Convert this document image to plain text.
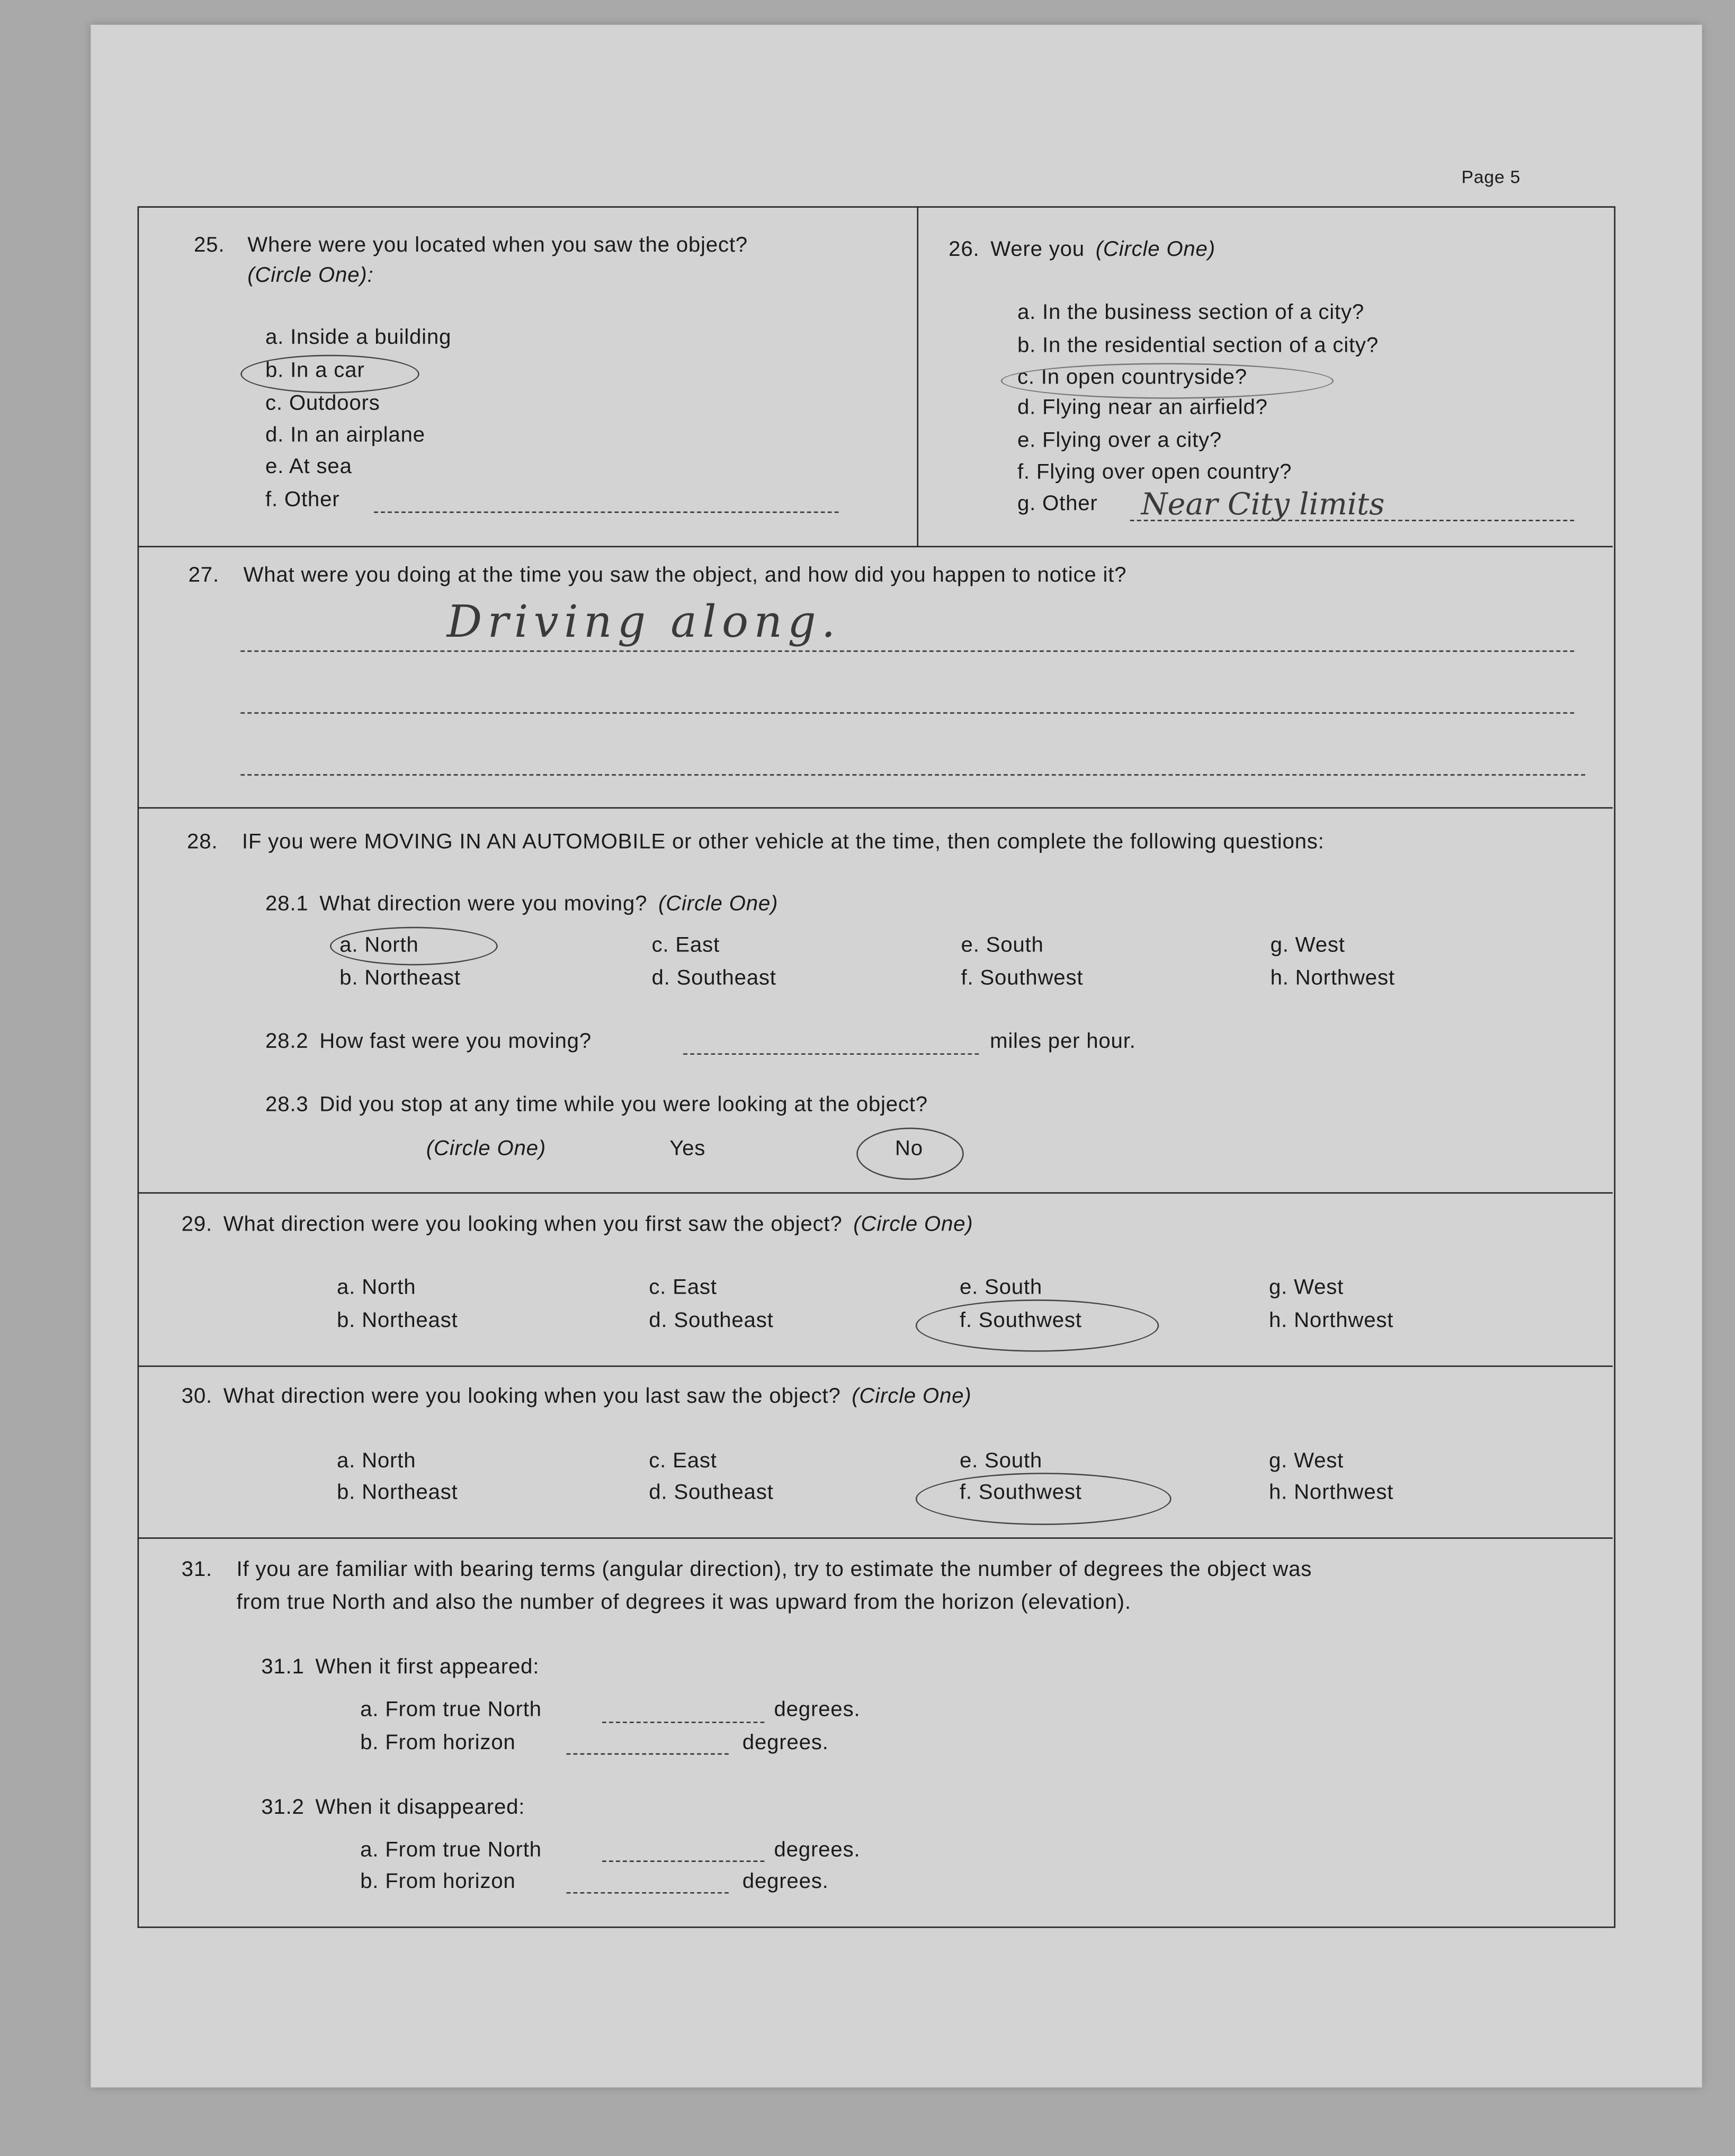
Page 5
25.	Where were you located when you saw the object?
(Circle One):
a. Inside a building
b. In a car
c. Outdoors
d. In an airplane
e. At sea
f. Other
26. Were you (Circle One)
a. In the business section of a city?
b. In the residential section of a city?
c. In open countryside?
d. Flying near an airfield?
e. Flying over a city?
f. Flying over open country?
g. Other	Near City limits
27.	What were you doing at the time you saw the object, and how did you happen to notice it?
Driving along.
28.	IF you were MOVING IN AN AUTOMOBILE or other vehicle at the time, then complete the following questions:
28.1 What direction were you moving? (Circle One)
a. North
b. Northeast
c. East
d. Southeast
e. South
f. Southwest
g. West
h. Northwest
28.2 How fast were you moving?	miles per hour.
28.3 Did you stop at any time while you were looking at the object?
(Circle One)	Yes	No
29. What direction were you looking when you first saw the object? (Circle One)
a. North
b. Northeast
c. East
d. Southeast
e. South
f. Southwest
g. West
h. Northwest
30. What direction were you looking when you last saw the object? (Circle One)
a. North
b. Northeast
c. East
d. Southeast
e. South
f. Southwest
g. West
h. Northwest
31.	If you are familiar with bearing terms (angular direction), try to estimate the number of degrees the object was
from true North and also the number of degrees it was upward from the horizon (elevation).
31.1 When it first appeared:
a. From true North	degrees.
b. From horizon	degrees.
31.2 When it disappeared:
a. From true North	degrees.
b. From horizon	degrees.
